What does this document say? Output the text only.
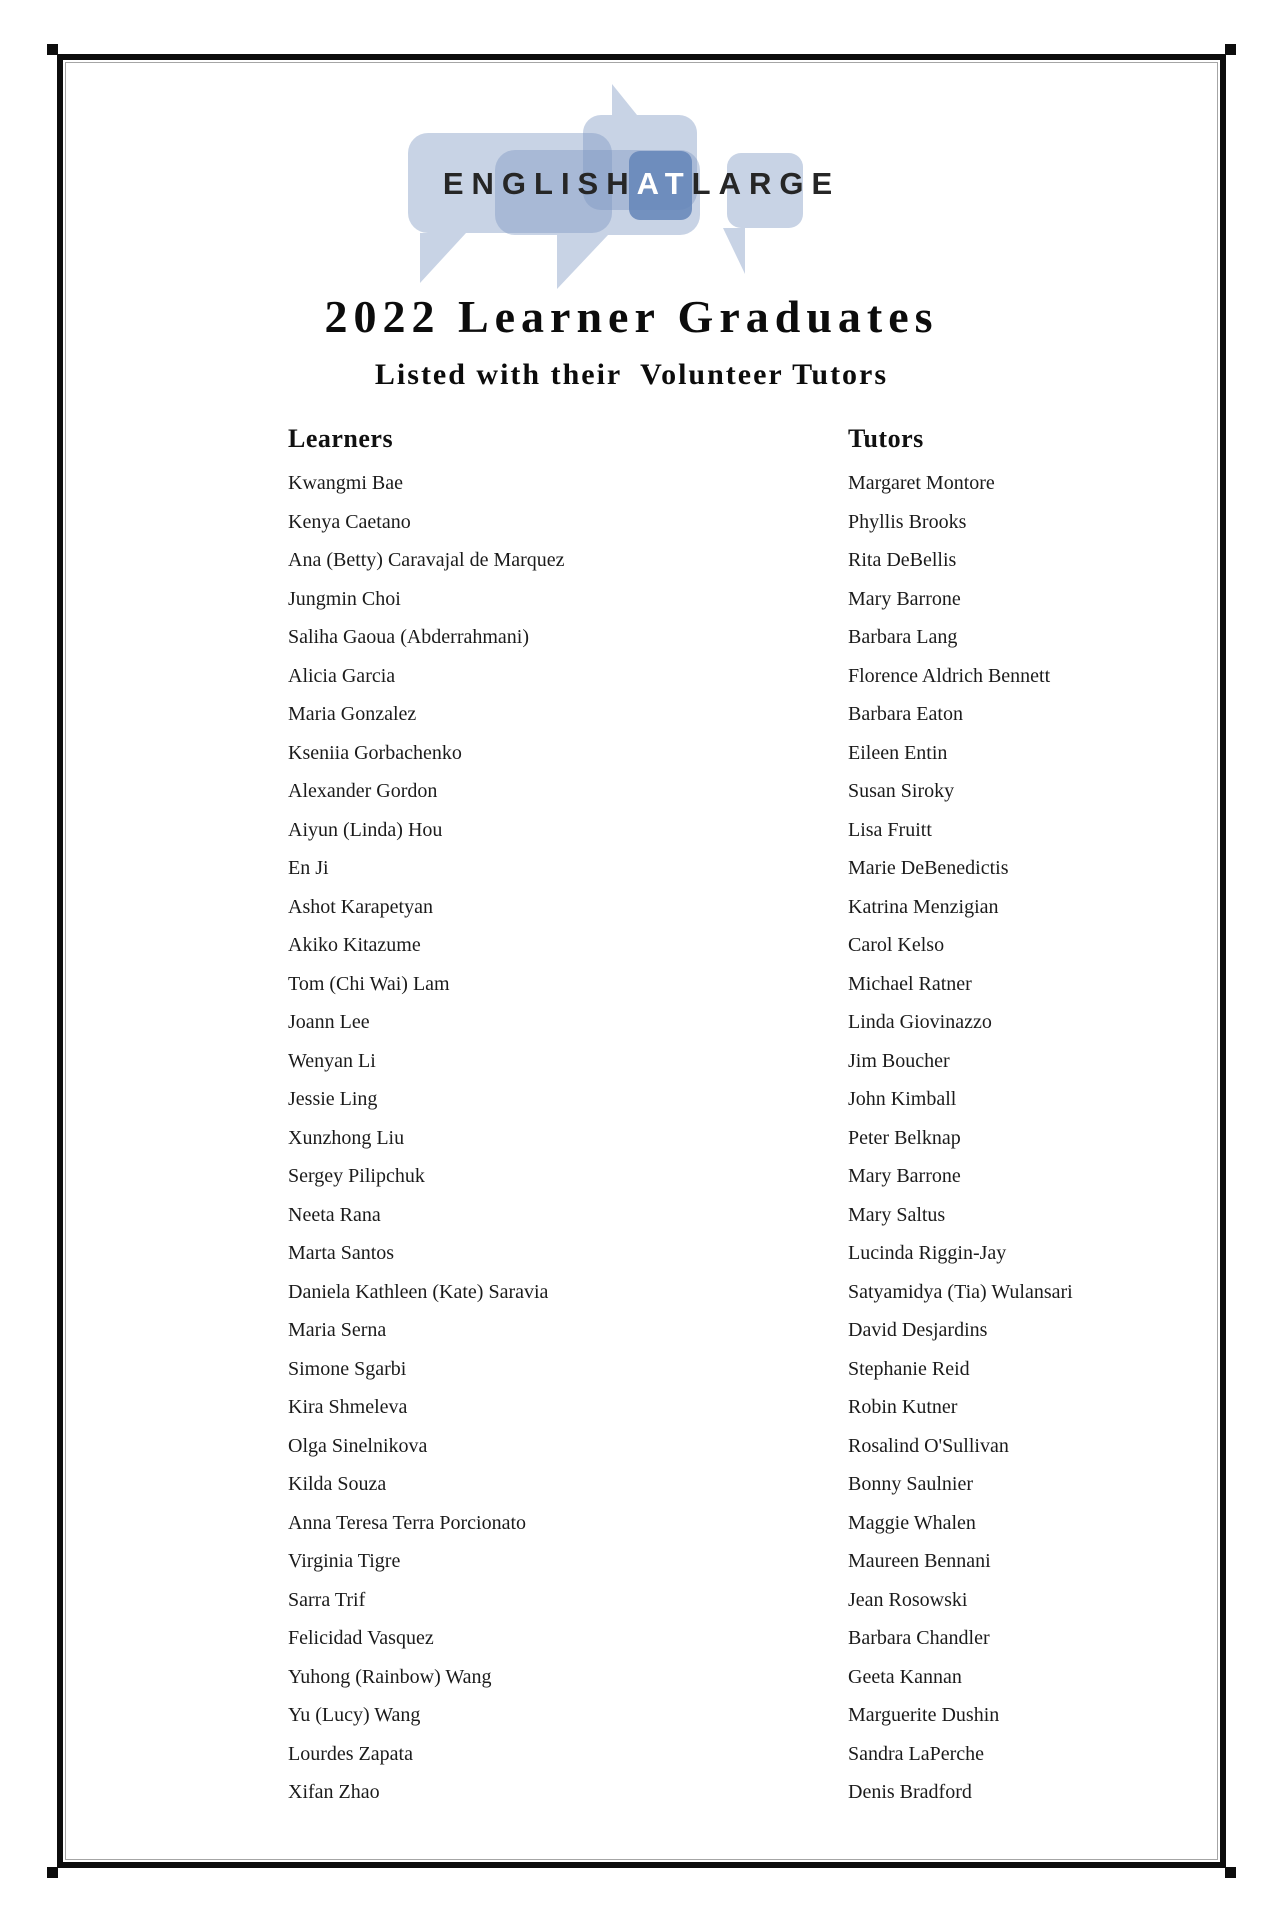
ENGLISHATLARGE
2022 Learner Graduates
Listed with their  Volunteer Tutors
Learners
Kwangmi Bae
Kenya Caetano
Ana (Betty) Caravajal de Marquez
Jungmin Choi
Saliha Gaoua (Abderrahmani)
Alicia Garcia
Maria Gonzalez
Kseniia Gorbachenko
Alexander Gordon
Aiyun (Linda) Hou
En Ji
Ashot Karapetyan
Akiko Kitazume
Tom (Chi Wai) Lam
Joann Lee
Wenyan Li
Jessie Ling
Xunzhong Liu
Sergey Pilipchuk
Neeta Rana
Marta Santos
Daniela Kathleen (Kate) Saravia
Maria Serna
Simone Sgarbi
Kira Shmeleva
Olga Sinelnikova
Kilda Souza
Anna Teresa Terra Porcionato
Virginia Tigre
Sarra Trif
Felicidad Vasquez
Yuhong (Rainbow) Wang
Yu (Lucy) Wang
Lourdes Zapata
Xifan Zhao
Tutors
Margaret Montore
Phyllis Brooks
Rita DeBellis
Mary Barrone
Barbara Lang
Florence Aldrich Bennett
Barbara Eaton
Eileen Entin
Susan Siroky
Lisa Fruitt
Marie DeBenedictis
Katrina Menzigian
Carol Kelso
Michael Ratner
Linda Giovinazzo
Jim Boucher
John Kimball
Peter Belknap
Mary Barrone
Mary Saltus
Lucinda Riggin-Jay
Satyamidya (Tia) Wulansari
David Desjardins
Stephanie Reid
Robin Kutner
Rosalind O'Sullivan
Bonny Saulnier
Maggie Whalen
Maureen Bennani
Jean Rosowski
Barbara Chandler
Geeta Kannan
Marguerite Dushin
Sandra LaPerche
Denis Bradford
